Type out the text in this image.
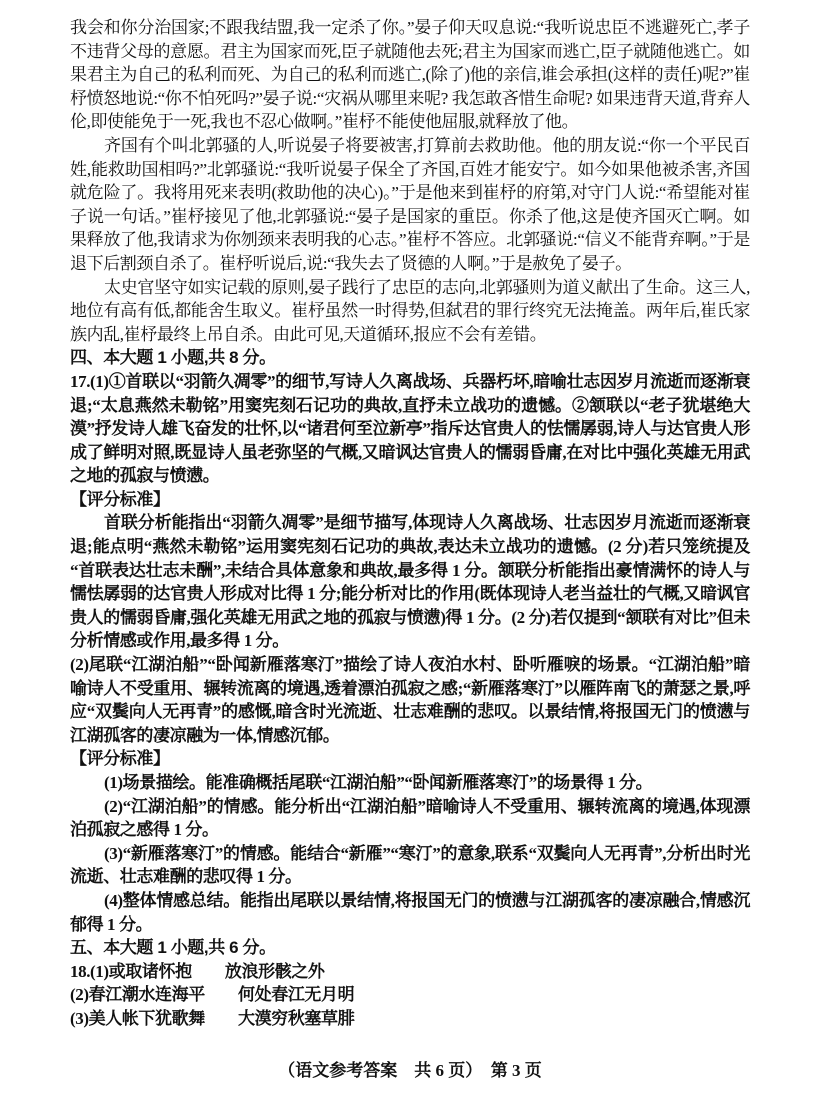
我会和你分治国家;不跟我结盟,我一定杀了你。”晏子仰天叹息说:“我听说忠臣不逃避死亡,孝子不违背父母的意愿。君主为国家而死,臣子就随他去死;君主为国家而逃亡,臣子就随他逃亡。如果君主为自己的私利而死、为自己的私利而逃亡,(除了)他的亲信,谁会承担(这样的责任)呢?”崔杼愤怒地说:“你不怕死吗?”晏子说:“灾祸从哪里来呢? 我怎敢吝惜生命呢? 如果违背天道,背弃人伦,即使能免于一死,我也不忍心做啊。”崔杼不能使他屈服,就释放了他。

齐国有个叫北郭骚的人,听说晏子将要被害,打算前去救助他。他的朋友说:“你一个平民百姓,能救助国相吗?”北郭骚说:“我听说晏子保全了齐国,百姓才能安宁。如今如果他被杀害,齐国就危险了。我将用死来表明(救助他的决心)。”于是他来到崔杼的府第,对守门人说:“希望能对崔子说一句话。”崔杼接见了他,北郭骚说:“晏子是国家的重臣。你杀了他,这是使齐国灭亡啊。如果释放了他,我请求为你刎颈来表明我的心志。”崔杼不答应。北郭骚说:“信义不能背弃啊。”于是退下后割颈自杀了。崔杼听说后,说:“我失去了贤德的人啊。”于是赦免了晏子。

太史官坚守如实记载的原则,晏子践行了忠臣的志向,北郭骚则为道义献出了生命。这三人,地位有高有低,都能舍生取义。崔杼虽然一时得势,但弑君的罪行终究无法掩盖。两年后,崔氏家族内乱,崔杼最终上吊自杀。由此可见,天道循环,报应不会有差错。

四、本大题 1 小题,共 8 分。

17.(1)①首联以“羽箭久凋零”的细节,写诗人久离战场、兵器朽坏,暗喻壮志因岁月流逝而逐渐衰退;“太息燕然未勒铭”用窦宪刻石记功的典故,直抒未立战功的遗憾。②颔联以“老子犹堪绝大漠”抒发诗人雄飞奋发的壮怀,以“诸君何至泣新亭”指斥达官贵人的怯懦孱弱,诗人与达官贵人形成了鲜明对照,既显诗人虽老弥坚的气概,又暗讽达官贵人的懦弱昏庸,在对比中强化英雄无用武之地的孤寂与愤懑。

【评分标准】

首联分析能指出“羽箭久凋零”是细节描写,体现诗人久离战场、壮志因岁月流逝而逐渐衰退;能点明“燕然未勒铭”运用窦宪刻石记功的典故,表达未立战功的遗憾。(2 分)若只笼统提及“首联表达壮志未酬”,未结合具体意象和典故,最多得 1 分。颔联分析能指出豪情满怀的诗人与懦怯孱弱的达官贵人形成对比得 1 分;能分析对比的作用(既体现诗人老当益壮的气概,又暗讽官贵人的懦弱昏庸,强化英雄无用武之地的孤寂与愤懑)得 1 分。(2 分)若仅提到“颔联有对比”但未分析情感或作用,最多得 1 分。

(2)尾联“江湖泊船”“卧闻新雁落寒汀”描绘了诗人夜泊水村、卧听雁唳的场景。“江湖泊船”暗喻诗人不受重用、辗转流离的境遇,透着漂泊孤寂之感;“新雁落寒汀”以雁阵南飞的萧瑟之景,呼应“双鬓向人无再青”的感慨,暗含时光流逝、壮志难酬的悲叹。以景结情,将报国无门的愤懑与江湖孤客的凄凉融为一体,情感沉郁。

【评分标准】

(1)场景描绘。能准确概括尾联“江湖泊船”“卧闻新雁落寒汀”的场景得 1 分。

(2)“江湖泊船”的情感。能分析出“江湖泊船”暗喻诗人不受重用、辗转流离的境遇,体现漂泊孤寂之感得 1 分。

(3)“新雁落寒汀”的情感。能结合“新雁”“寒汀”的意象,联系“双鬓向人无再青”,分析出时光流逝、壮志难酬的悲叹得 1 分。

(4)整体情感总结。能指出尾联以景结情,将报国无门的愤懑与江湖孤客的凄凉融合,情感沉郁得 1 分。

五、本大题 1 小题,共 6 分。

18.(1)或取诸怀抱　　放浪形骸之外

(2)春江潮水连海平　　何处春江无月明

(3)美人帐下犹歌舞　　大漠穷秋塞草腓

（语文参考答案　共 6 页）　第 3 页
